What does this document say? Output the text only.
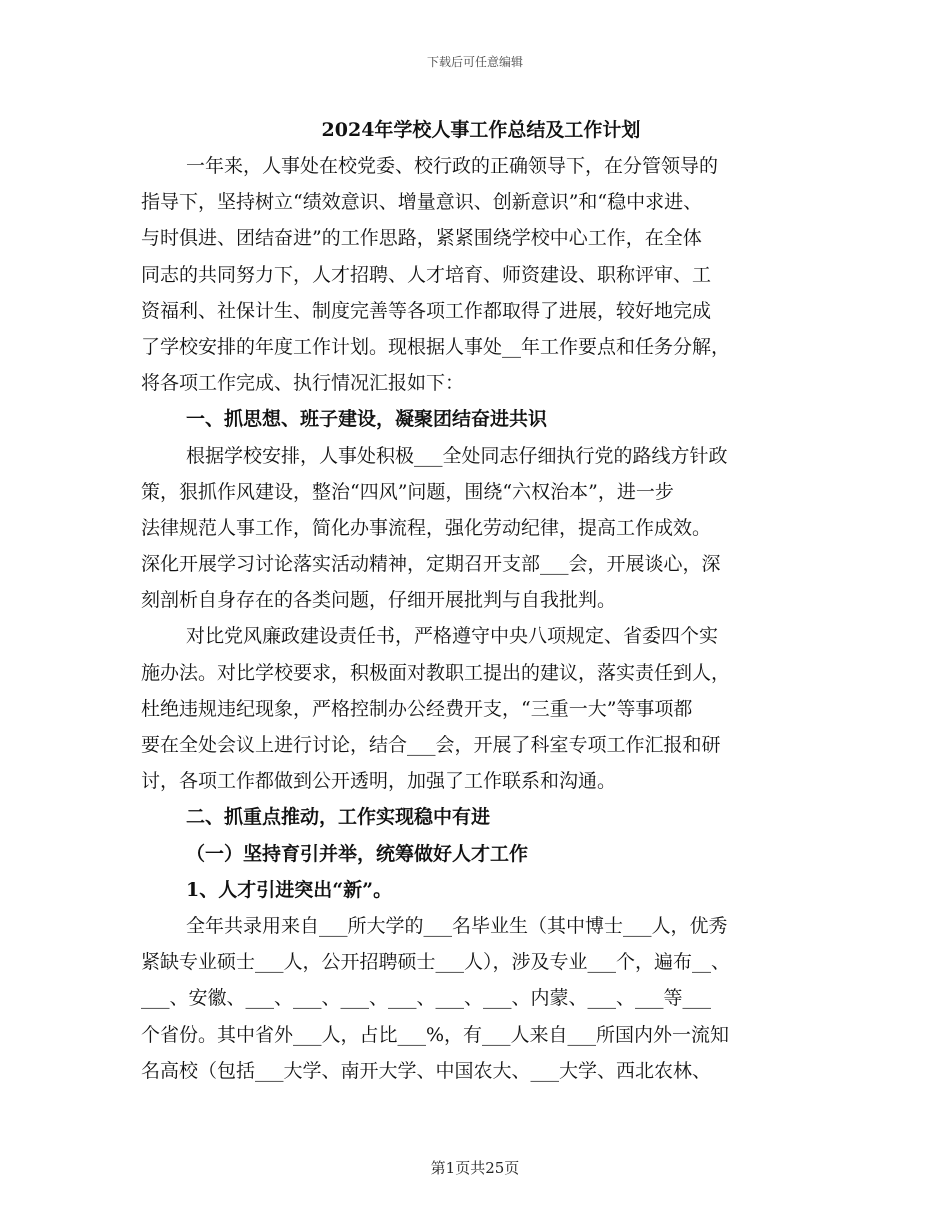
下载后可任意编辑
2024年学校人事工作总结及工作计划
一年来，人事处在校党委、校行政的正确领导下，在分管领导的
指导下，坚持树立“绩效意识、增量意识、创新意识”和“稳中求进、
与时俱进、团结奋进”的工作思路，紧紧围绕学校中心工作，在全体
同志的共同努力下，人才招聘、人才培育、师资建设、职称评审、工
资福利、社保计生、制度完善等各项工作都取得了进展，较好地完成
了学校安排的年度工作计划。现根据人事处__年工作要点和任务分解，
将各项工作完成、执行情况汇报如下：
一、抓思想、班子建设，凝聚团结奋进共识
根据学校安排，人事处积极___全处同志仔细执行党的路线方针政
策，狠抓作风建设，整治“四风”问题，围绕“六权治本”，进一步
法律规范人事工作，简化办事流程，强化劳动纪律，提高工作成效。
深化开展学习讨论落实活动精神，定期召开支部___会，开展谈心，深
刻剖析自身存在的各类问题，仔细开展批判与自我批判。
对比党风廉政建设责任书，严格遵守中央八项规定、省委四个实
施办法。对比学校要求，积极面对教职工提出的建议，落实责任到人，
杜绝违规违纪现象，严格控制办公经费开支，“三重一大”等事项都
要在全处会议上进行讨论，结合___会，开展了科室专项工作汇报和研
讨，各项工作都做到公开透明，加强了工作联系和沟通。
二、抓重点推动，工作实现稳中有进
（一）坚持育引并举，统筹做好人才工作
1、人才引进突出“新”。
全年共录用来自___所大学的___名毕业生（其中博士___人，优秀
紧缺专业硕士___人，公开招聘硕士___人），涉及专业___个，遍布__、
___、安徽、___、___、___、___、___、___、内蒙、___、___等___
个省份。其中省外___人，占比___%，有___人来自___所国内外一流知
名高校（包括___大学、南开大学、中国农大、___大学、西北农林、
第1页共25页
